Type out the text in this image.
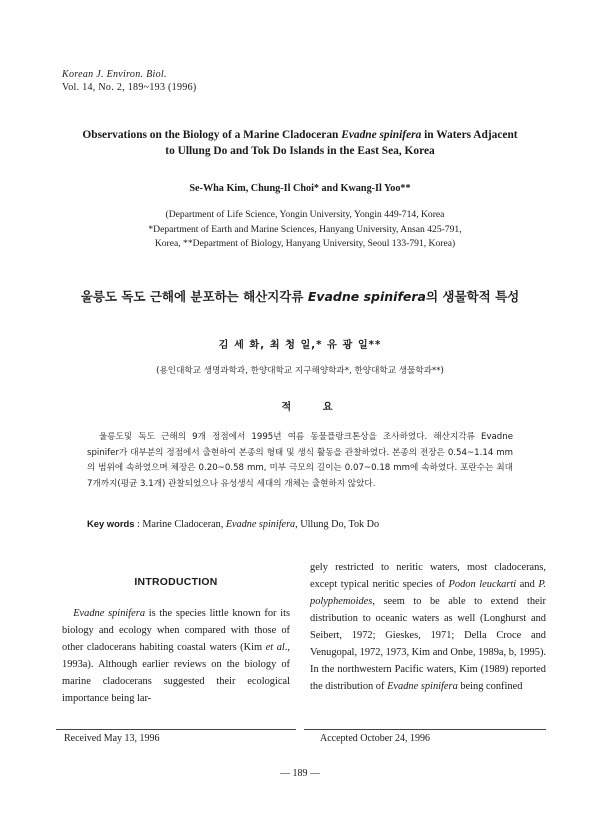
Korean J. Environ. Biol.
Vol. 14, No. 2, 189~193 (1996)
Observations on the Biology of a Marine Cladoceran Evadne spinifera in Waters Adjacent
to Ullung Do and Tok Do Islands in the East Sea, Korea
Se-Wha Kim, Chung-Il Choi* and Kwang-Il Yoo**
(Department of Life Science, Yongin University, Yongin 449-714, Korea
*Department of Earth and Marine Sciences, Hanyang University, Ansan 425-791,
Korea, **Department of Biology, Hanyang University, Seoul 133-791, Korea)
울릉도 독도 근해에 분포하는 해산지각류 Evadne spinifera의 생물학적 특성
김 세 화, 최 청 일,* 유 광 일**
(용인대학교 생명과학과, 한양대학교 지구해양학과*, 한양대학교 생물학과**)
적 요
울릉도및 독도 근해의 9개 정점에서 1995년 여름 동물플랑크톤상을 조사하였다. 해산지각류 Evadne spinifer가 대부분의 정점에서 출현하여 본종의 형태 및 생식 활동을 관찰하였다. 본종의 전장은 0.54~1.14 mm의 범위에 속하였으며 체장은 0.20~0.58 mm, 미부 극모의 길이는 0.07~0.18 mm에 속하였다. 포란수는 최대 7개까지(평균 3.1개) 관찰되었으나 유성생식 세대의 개체는 출현하지 않았다.
Key words : Marine Cladoceran, Evadne spinifera, Ullung Do, Tok Do
INTRODUCTION
Evadne spinifera is the species little known for its biology and ecology when compared with those of other cladocerans habiting coastal waters (Kim et al., 1993a). Although earlier reviews on the biology of marine cladocerans suggested their ecological importance being lar-
gely restricted to neritic waters, most cladocerans, except typical neritic species of Podon leuckarti and P. polyphemoides, seem to be able to extend their distribution to oceanic waters as well (Longhurst and Seibert, 1972; Gieskes, 1971; Della Croce and Venugopal, 1972, 1973, Kim and Onbe, 1989a, b, 1995). In the northwestern Pacific waters, Kim (1989) reported the distribution of Evadne spinifera being confined
Received May 13, 1996	Accepted October 24, 1996
— 189 —
